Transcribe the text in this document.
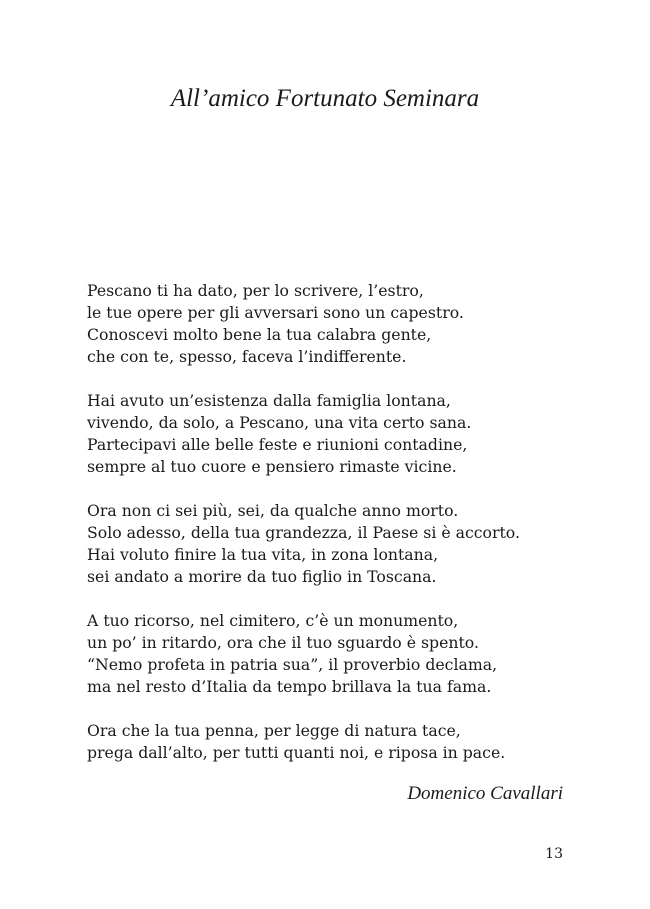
All’amico Fortunato Seminara
Pescano ti ha dato, per lo scrivere, l’estro,
le tue opere per gli avversari sono un capestro.
Conoscevi molto bene la tua calabra gente,
che con te, spesso, faceva l’indifferente.
Hai avuto un’esistenza dalla famiglia lontana,
vivendo, da solo, a Pescano, una vita certo sana.
Partecipavi alle belle feste e riunioni contadine,
sempre al tuo cuore e pensiero rimaste vicine.
Ora non ci sei più, sei, da qualche anno morto.
Solo adesso, della tua grandezza, il Paese si è accorto.
Hai voluto finire la tua vita, in zona lontana,
sei andato a morire da tuo figlio in Toscana.
A tuo ricorso, nel cimitero, c’è un monumento,
un po’ in ritardo, ora che il tuo sguardo è spento.
“Nemo profeta in patria sua”, il proverbio declama,
ma nel resto d’Italia da tempo brillava la tua fama.
Ora che la tua penna, per legge di natura tace,
prega dall’alto, per tutti quanti noi, e riposa in pace.
Domenico Cavallari
13
